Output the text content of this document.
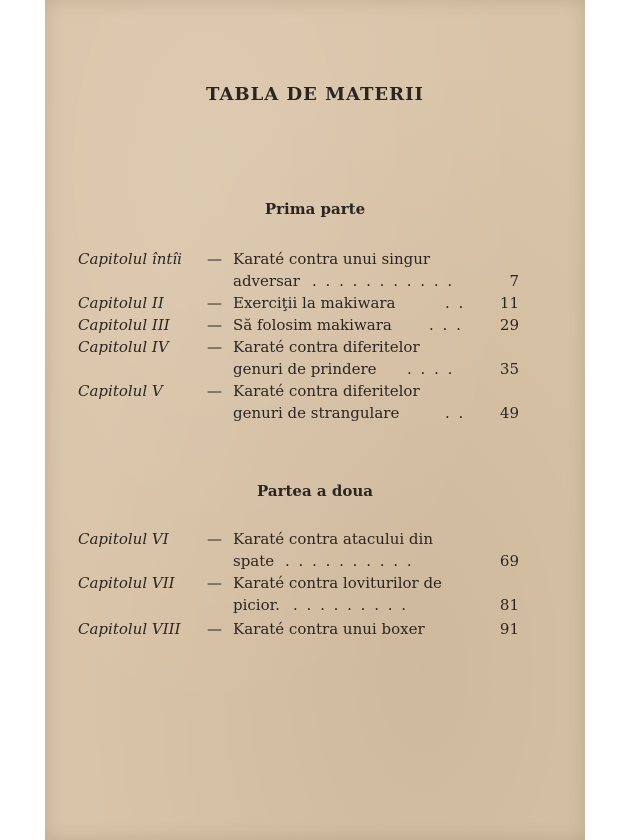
TABLA DE MATERII
Prima parte
Capitolul întîi — Karaté contra unui singur
adversar . . . . . . . . . . .	7
Capitolul II	— Exerciţii la makiwara	. . 11
Capitolul III — Să folosim makiwara	. . . 29
Capitolul IV	— Karaté contra diferitelor
genuri de prindere	. . . .	35
Capitolul V	— Karaté contra diferitelor
genuri de strangulare	. . 49
Partea a doua
Capitolul VI	— Karaté contra atacului din
spate . . . . . . . . . .	69
Capitolul VII — Karaté contra loviturilor de
picior. . . . . . . . . .	81
Capitolul VIII — Karaté contra unui boxer	91
